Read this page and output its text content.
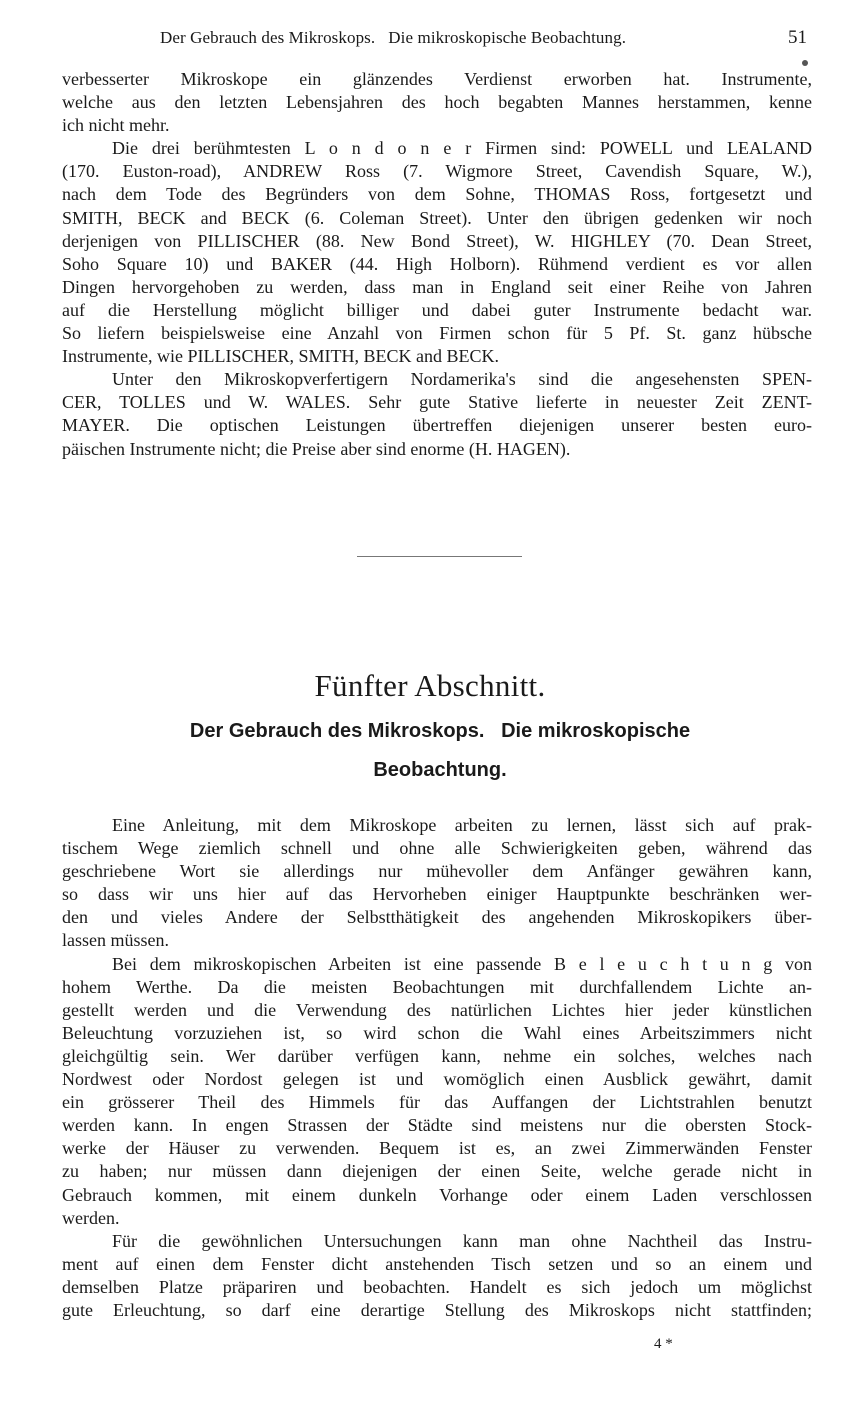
Der Gebrauch des Mikroskops.   Die mikroskopische Beobachtung.	51
verbesserter Mikroskope ein glänzendes Verdienst erworben hat. Instrumente,
welche aus den letzten Lebensjahren des hoch begabten Mannes herstammen, kenne
ich nicht mehr.
Die drei berühmtesten L o n d o n e r Firmen sind: POWELL und LEALAND
(170. Euston-road), ANDREW Ross (7. Wigmore Street, Cavendish Square, W.),
nach dem Tode des Begründers von dem Sohne, THOMAS Ross, fortgesetzt und
SMITH, BECK and BECK (6. Coleman Street). Unter den übrigen gedenken wir noch
derjenigen von PILLISCHER (88. New Bond Street), W. HIGHLEY (70. Dean Street,
Soho Square 10) und BAKER (44. High Holborn). Rühmend verdient es vor allen
Dingen hervorgehoben zu werden, dass man in England seit einer Reihe von Jahren
auf die Herstellung möglicht billiger und dabei guter Instrumente bedacht war.
So liefern beispielsweise eine Anzahl von Firmen schon für 5 Pf. St. ganz hübsche
Instrumente, wie PILLISCHER, SMITH, BECK and BECK.
Unter den Mikroskopverfertigern Nordamerika's sind die angesehensten SPEN-
CER, TOLLES und W. WALES. Sehr gute Stative lieferte in neuester Zeit ZENT-
MAYER. Die optischen Leistungen übertreffen diejenigen unserer besten euro-
päischen Instrumente nicht; die Preise aber sind enorme (H. HAGEN).
Fünfter Abschnitt.
Der Gebrauch des Mikroskops.   Die mikroskopische
Beobachtung.
Eine Anleitung, mit dem Mikroskope arbeiten zu lernen, lässt sich auf prak-
tischem Wege ziemlich schnell und ohne alle Schwierigkeiten geben, während das
geschriebene Wort sie allerdings nur mühevoller dem Anfänger gewähren kann,
so dass wir uns hier auf das Hervorheben einiger Hauptpunkte beschränken wer-
den und vieles Andere der Selbstthätigkeit des angehenden Mikroskopikers über-
lassen müssen.
Bei dem mikroskopischen Arbeiten ist eine passende B e l e u c h t u n g von
hohem Werthe. Da die meisten Beobachtungen mit durchfallendem Lichte an-
gestellt werden und die Verwendung des natürlichen Lichtes hier jeder künstlichen
Beleuchtung vorzuziehen ist, so wird schon die Wahl eines Arbeitszimmers nicht
gleichgültig sein. Wer darüber verfügen kann, nehme ein solches, welches nach
Nordwest oder Nordost gelegen ist und womöglich einen Ausblick gewährt, damit
ein grösserer Theil des Himmels für das Auffangen der Lichtstrahlen benutzt
werden kann. In engen Strassen der Städte sind meistens nur die obersten Stock-
werke der Häuser zu verwenden. Bequem ist es, an zwei Zimmerwänden Fenster
zu haben; nur müssen dann diejenigen der einen Seite, welche gerade nicht in
Gebrauch kommen, mit einem dunkeln Vorhange oder einem Laden verschlossen
werden.
Für die gewöhnlichen Untersuchungen kann man ohne Nachtheil das Instru-
ment auf einen dem Fenster dicht anstehenden Tisch setzen und so an einem und
demselben Platze präpariren und beobachten. Handelt es sich jedoch um möglichst
gute Erleuchtung, so darf eine derartige Stellung des Mikroskops nicht stattfinden;
4 *
